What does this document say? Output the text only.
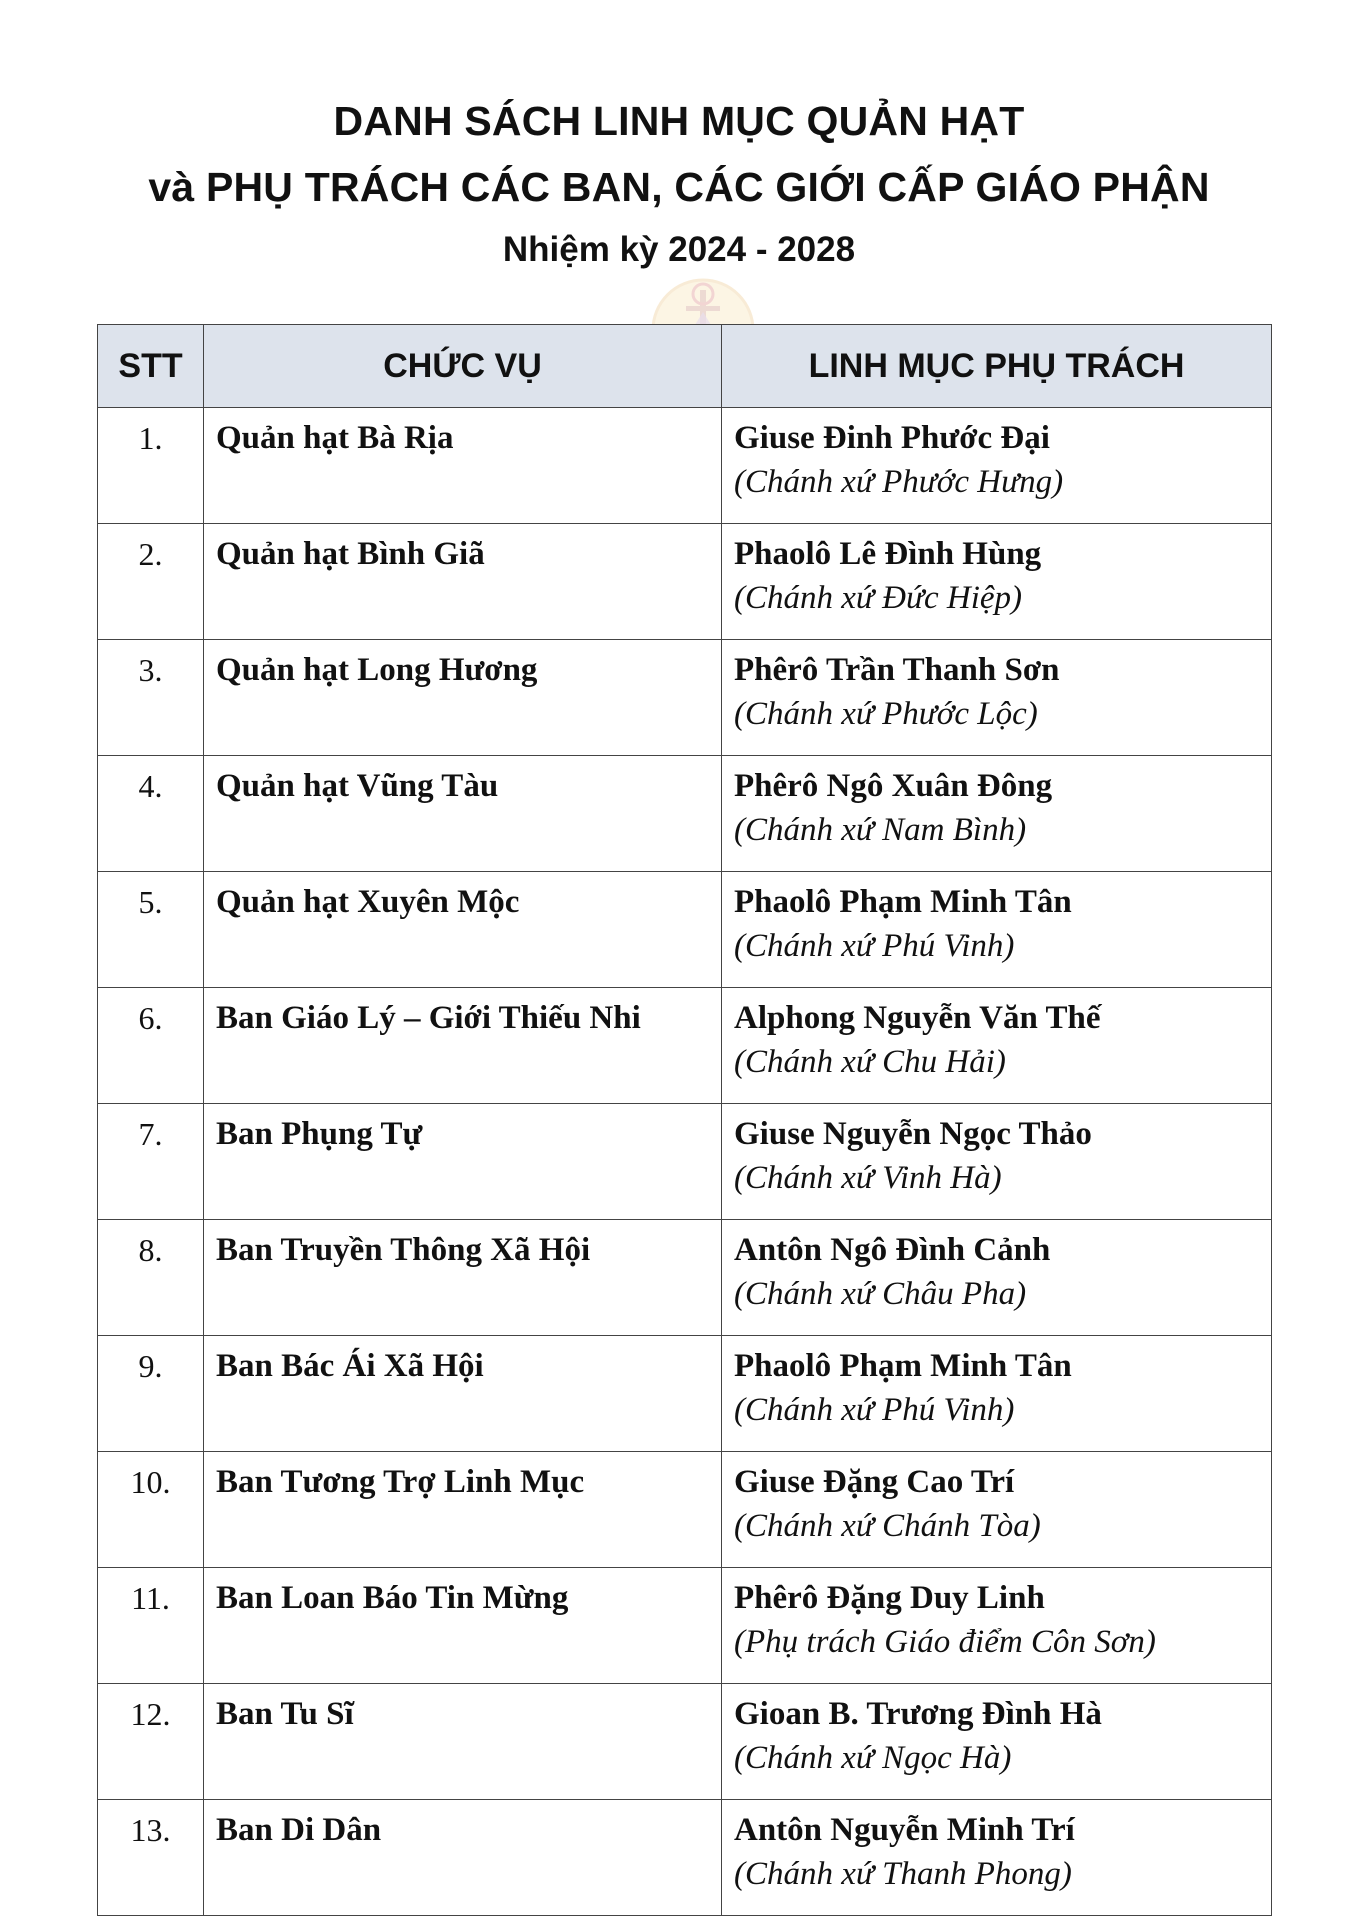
DANH SÁCH LINH MỤC QUẢN HẠT
và PHỤ TRÁCH CÁC BAN, CÁC GIỚI CẤP GIÁO PHẬN
Nhiệm kỳ 2024 - 2028
STT	CHỨC VỤ	LINH MỤC PHỤ TRÁCH
1.	Quản hạt Bà Rịa	Giuse Đinh Phước Đại
(Chánh xứ Phước Hưng)

2.	Quản hạt Bình Giã	Phaolô Lê Đình Hùng
(Chánh xứ Đức Hiệp)

3.	Quản hạt Long Hương	Phêrô Trần Thanh Sơn
(Chánh xứ Phước Lộc)

4.	Quản hạt Vũng Tàu	Phêrô Ngô Xuân Đông
(Chánh xứ Nam Bình)

5.	Quản hạt Xuyên Mộc	Phaolô Phạm Minh Tân
(Chánh xứ Phú Vinh)

6.	Ban Giáo Lý – Giới Thiếu Nhi	Alphong Nguyễn Văn Thế
(Chánh xứ Chu Hải)

7.	Ban Phụng Tự	Giuse Nguyễn Ngọc Thảo
(Chánh xứ Vinh Hà)

8.	Ban Truyền Thông Xã Hội	Antôn Ngô Đình Cảnh
(Chánh xứ Châu Pha)

9.	Ban Bác Ái Xã Hội	Phaolô Phạm Minh Tân
(Chánh xứ Phú Vinh)

10.	Ban Tương Trợ Linh Mục	Giuse Đặng Cao Trí
(Chánh xứ Chánh Tòa)

11.	Ban Loan Báo Tin Mừng	Phêrô Đặng Duy Linh
(Phụ trách Giáo điểm Côn Sơn)

12.	Ban Tu Sĩ	Gioan B. Trương Đình Hà
(Chánh xứ Ngọc Hà)

13.	Ban Di Dân	Antôn Nguyễn Minh Trí
(Chánh xứ Thanh Phong)
